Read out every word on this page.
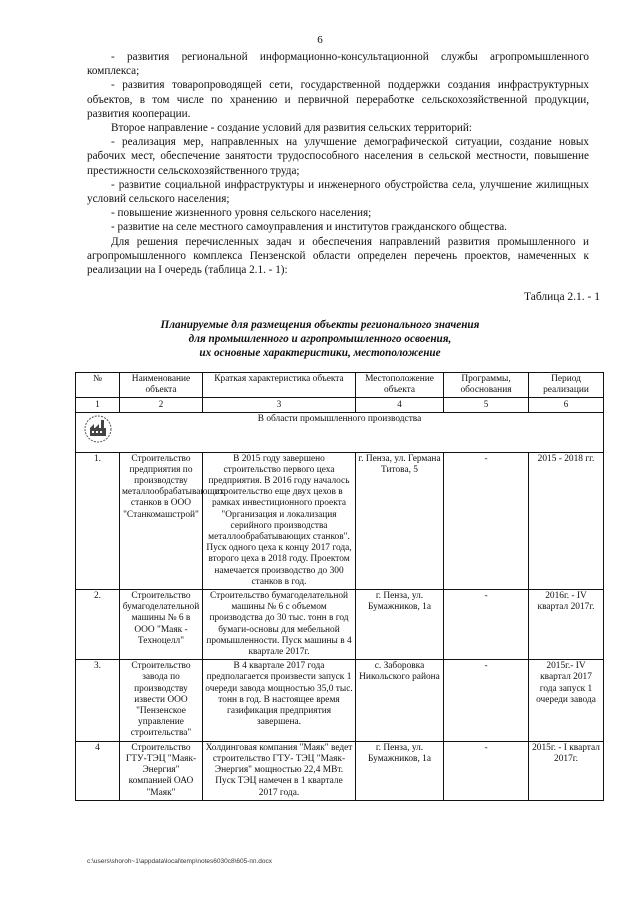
6

- развития региональной информационно-консультационной службы агропромышленного комплекса;

- развития товаропроводящей сети, государственной поддержки создания инфраструктурных объектов, в том числе по хранению и первичной переработке сельскохозяйственной продукции, развития кооперации.

Второе направление - создание условий для развития сельских территорий:

- реализация мер, направленных на улучшение демографической ситуации, создание новых рабочих мест, обеспечение занятости трудоспособного населения в сельской местности, повышение престижности сельскохозяйственного труда;

- развитие социальной инфраструктуры и инженерного обустройства села, улучшение жилищных условий сельского населения;

- повышение жизненного уровня сельского населения;

- развитие на селе местного самоуправления и институтов гражданского общества.

Для решения перечисленных задач и обеспечения направлений развития промышленного и агропромышленного комплекса Пензенской области определен перечень проектов, намеченных к реализации на I очередь (таблица 2.1. - 1):

Таблица 2.1. - 1
Планируемые для размещения объекты регионального значения
для промышленного и агропромышленного освоения,
их основные характеристики, местоположение
№	Наименование объекта	Краткая характеристика объекта	Местоположение объекта	Программы, обоснования	Период реализации
1	2	3	4	5	6

В области промышленного производства					
1.	Строительство предприятия по производству металлообрабатывающих станков в ООО "Станкомашстрой"	В 2015 году завершено строительство первого цеха предприятия. В 2016 году началось строительство еще двух цехов в рамках инвестиционного проекта "Организация и локализация серийного производства металлообрабатывающих станков". Пуск одного цеха к концу 2017 года, второго цеха в 2018 году. Проектом намечается производство до 300 станков в год.	г. Пенза, ул. Германа Титова, 5	-	2015 - 2018 гг.
2.	Строительство бумагоделательной машины № 6 в ООО "Маяк - Техноцелл"	Строительство бумагоделательной машины № 6 с объемом производства до 30 тыс. тонн в год бумаги-основы для мебельной промышленности. Пуск машины в 4 квартале 2017г.	г. Пенза, ул. Бумажников, 1а	-	2016г. - IV квартал 2017г.
3.	Строительство завода по производству извести ООО "Пензенское управление строительства"	В 4 квартале 2017 года предполагается произвести запуск 1 очереди завода мощностью 35,0 тыс. тонн в год. В настоящее время газификация предприятия завершена.	с. Заборовка Никольского района	-	2015г.- IV квартал 2017 года запуск 1 очереди завода
4	Строительство ГТУ-ТЭЦ "Маяк-Энергия" компанией ОАО "Маяк"	Холдинговая компания "Маяк" ведет строительство ГТУ- ТЭЦ "Маяк-Энергия" мощностью 22,4 МВт. Пуск ТЭЦ намечен в 1 квартале 2017 года.	г. Пенза, ул. Бумажников, 1а	-	2015г. - I квартал 2017г.
c:\users\shoroh~1\appdata\local\temp\notes6030c8\605-пп.docx
